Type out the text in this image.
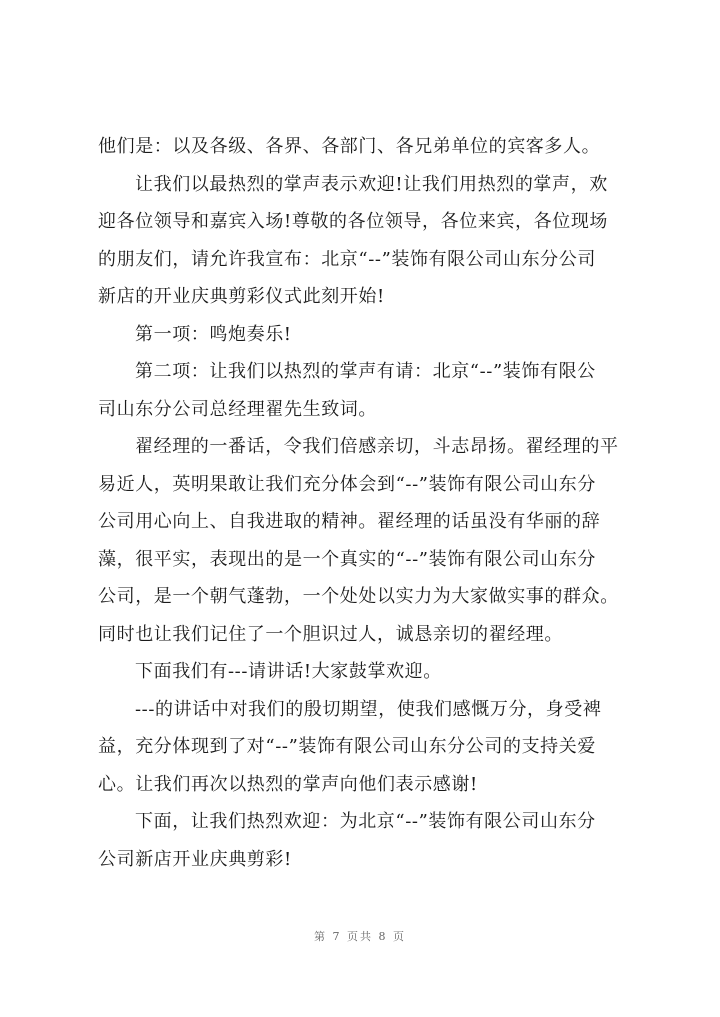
他们是：以及各级、各界、各部门、各兄弟单位的宾客多人。

让我们以最热烈的掌声表示欢迎!让我们用热烈的掌声，欢
迎各位领导和嘉宾入场!尊敬的各位领导，各位来宾，各位现场
的朋友们，请允许我宣布：北京“--”装饰有限公司山东分公司
新店的开业庆典剪彩仪式此刻开始!

第一项：鸣炮奏乐!

第二项：让我们以热烈的掌声有请：北京“--”装饰有限公
司山东分公司总经理翟先生致词。

翟经理的一番话，令我们倍感亲切，斗志昂扬。翟经理的平
易近人，英明果敢让我们充分体会到“--”装饰有限公司山东分
公司用心向上、自我进取的精神。翟经理的话虽没有华丽的辞
藻，很平实，表现出的是一个真实的“--”装饰有限公司山东分
公司，是一个朝气蓬勃，一个处处以实力为大家做实事的群众。
同时也让我们记住了一个胆识过人，诚恳亲切的翟经理。

下面我们有---请讲话!大家鼓掌欢迎。

---的讲话中对我们的殷切期望，使我们感慨万分，身受裨
益，充分体现到了对“--”装饰有限公司山东分公司的支持关爱
心。让我们再次以热烈的掌声向他们表示感谢!

下面，让我们热烈欢迎：为北京“--”装饰有限公司山东分
公司新店开业庆典剪彩!

第 7 页共 8 页
